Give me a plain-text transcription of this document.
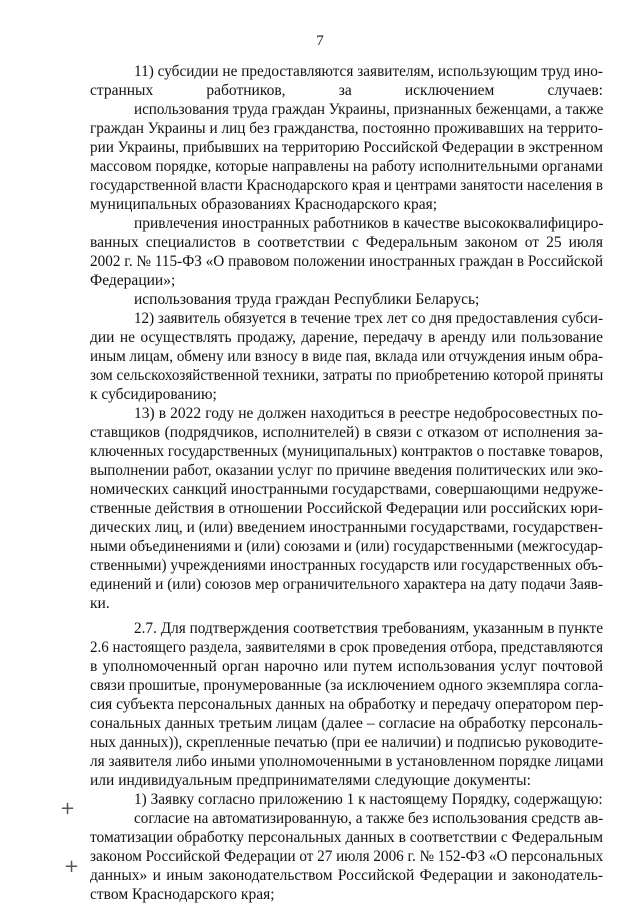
7
11) субсидии не предоставляются заявителям, использующим труд ино-
странных работников, за исключением случаев:
использования труда граждан Украины, признанных беженцами, а также
граждан Украины и лиц без гражданства, постоянно проживавших на террито-
рии Украины, прибывших на территорию Российской Федерации в экстренном
массовом порядке, которые направлены на работу исполнительными органами
государственной власти Краснодарского края и центрами занятости населения в
муниципальных образованиях Краснодарского края;
привлечения иностранных работников в качестве высококвалифициро-
ванных специалистов в соответствии с Федеральным законом от 25 июля
2002 г. № 115-ФЗ «О правовом положении иностранных граждан в Российской
Федерации»;
использования труда граждан Республики Беларусь;
12) заявитель обязуется в течение трех лет со дня предоставления субси-
дии не осуществлять продажу, дарение, передачу в аренду или пользование
иным лицам, обмену или взносу в виде пая, вклада или отчуждения иным обра-
зом сельскохозяйственной техники, затраты по приобретению которой приняты
к субсидированию;
13) в 2022 году не должен находиться в реестре недобросовестных по-
ставщиков (подрядчиков, исполнителей) в связи с отказом от исполнения за-
ключенных государственных (муниципальных) контрактов о поставке товаров,
выполнении работ, оказании услуг по причине введения политических или эко-
номических санкций иностранными государствами, совершающими недруже-
ственные действия в отношении Российской Федерации или российских юри-
дических лиц, и (или) введением иностранными государствами, государствен-
ными объединениями и (или) союзами и (или) государственными (межгосудар-
ственными) учреждениями иностранных государств или государственных объ-
единений и (или) союзов мер ограничительного характера на дату подачи Заяв-
ки.
2.7. Для подтверждения соответствия требованиям, указанным в пункте
2.6 настоящего раздела, заявителями в срок проведения отбора, представляются
в уполномоченный орган нарочно или путем использования услуг почтовой
связи прошитые, пронумерованные (за исключением одного экземпляра согла-
сия субъекта персональных данных на обработку и передачу оператором пер-
сональных данных третьим лицам (далее – согласие на обработку персональ-
ных данных)), скрепленные печатью (при ее наличии) и подписью руководите-
ля заявителя либо иными уполномоченными в установленном порядке лицами
или индивидуальным предпринимателями следующие документы:
1) Заявку согласно приложению 1 к настоящему Порядку, содержащую:
согласие на автоматизированную, а также без использования средств ав-
томатизации обработку персональных данных в соответствии с Федеральным
законом Российской Федерации от 27 июля 2006 г. № 152-ФЗ «О персональных
данных» и иным законодательством Российской Федерации и законодатель-
ством Краснодарского края;
+
+
